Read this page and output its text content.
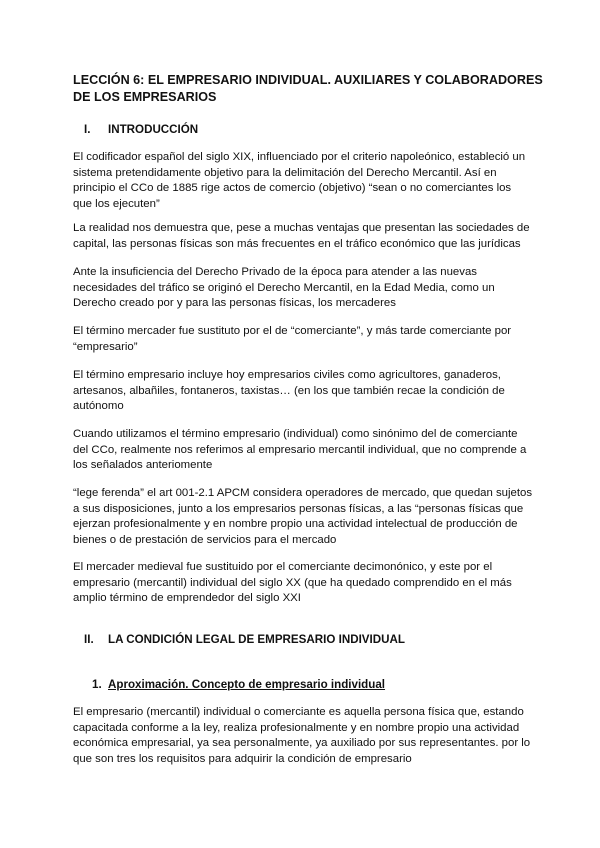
LECCIÓN 6: EL EMPRESARIO INDIVIDUAL. AUXILIARES Y COLABORADORES DE LOS EMPRESARIOS
I. INTRODUCCIÓN

El codificador español del siglo XIX, influenciado por el criterio napoleónico, estableció un sistema pretendidamente objetivo para la delimitación del Derecho Mercantil. Así en principio el CCo de 1885 rige actos de comercio (objetivo) “sean o no comerciantes los que los ejecuten”

La realidad nos demuestra que, pese a muchas ventajas que presentan las sociedades de capital, las personas físicas son más frecuentes en el tráfico económico que las jurídicas

Ante la insuficiencia del Derecho Privado de la época para atender a las nuevas necesidades del tráfico se originó el Derecho Mercantil, en la Edad Media, como un Derecho creado por y para las personas físicas, los mercaderes

El término mercader fue sustituto por el de “comerciante”, y más tarde comerciante por “empresario”

El término empresario incluye hoy empresarios civiles como agricultores, ganaderos, artesanos, albañiles, fontaneros, taxistas… (en los que también recae la condición de autónomo

Cuando utilizamos el término empresario (individual) como sinónimo del de comerciante del CCo, realmente nos referimos al empresario mercantil individual, que no comprende a los señalados anteriomente

“lege ferenda” el art 001-2.1 APCM considera operadores de mercado, que quedan sujetos a sus disposiciones, junto a los empresarios personas físicas, a las “personas físicas que ejerzan profesionalmente y en nombre propio una actividad intelectual de producción de bienes o de prestación de servicios para el mercado

El mercader medieval fue sustituido por el comerciante decimonónico, y este por el empresario (mercantil) individual del siglo XX (que ha quedado comprendido en el más amplio término de emprendedor del siglo XXI

II. LA CONDICIÓN LEGAL DE EMPRESARIO INDIVIDUAL
1. Aproximación. Concepto de empresario individual

El empresario (mercantil) individual o comerciante es aquella persona física que, estando capacitada conforme a la ley, realiza profesionalmente y en nombre propio una actividad económica empresarial, ya sea personalmente, ya auxiliado por sus representantes. por lo que son tres los requisitos para adquirir la condición de empresario
